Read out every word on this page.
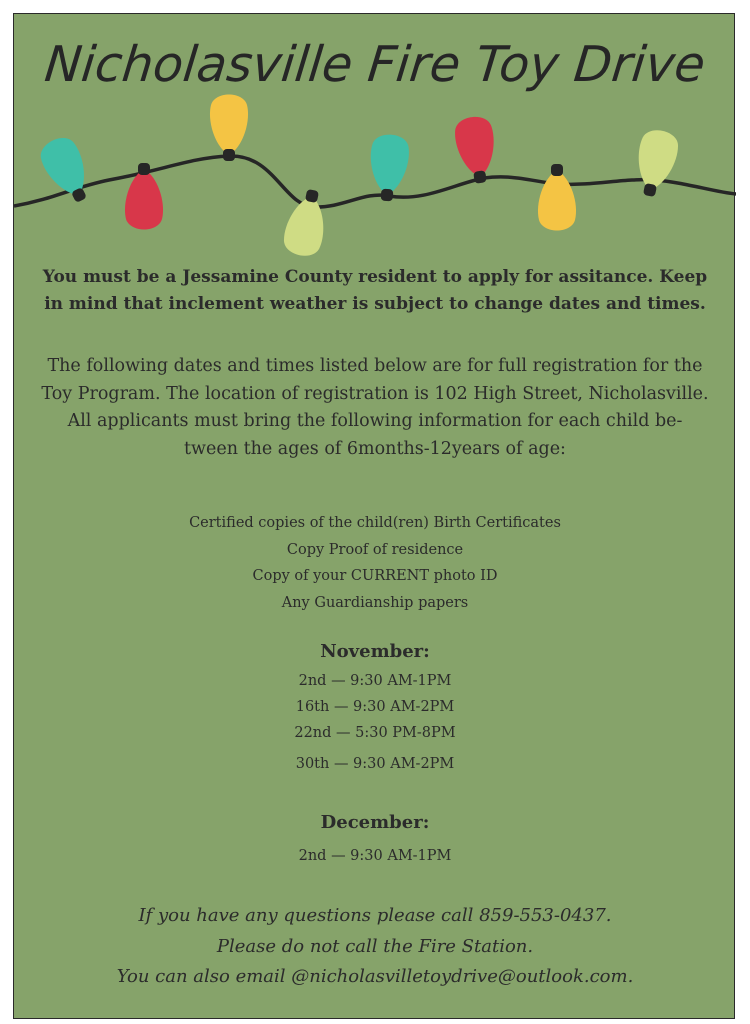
Nicholasville Fire Toy Drive

You must be a Jessamine County resident to apply for assitance. Keep
in mind that inclement weather is subject to change dates and times.

The following dates and times listed below are for full registration for the
Toy Program. The location of registration is 102 High Street, Nicholasville.
All applicants must bring the following information for each child be-
tween the ages of 6months-12years of age:

Certified copies of the child(ren) Birth Certificates
Copy Proof of residence
Copy of your CURRENT photo ID
Any Guardianship papers
November:
2nd — 9:30 AM-1PM
16th — 9:30 AM-2PM
22nd — 5:30 PM-8PM
30th — 9:30 AM-2PM
December:
2nd — 9:30 AM-1PM
If you have any questions please call 859-553-0437.
Please do not call the Fire Station.
You can also email @nicholasvilletoydrive@outlook.com.
